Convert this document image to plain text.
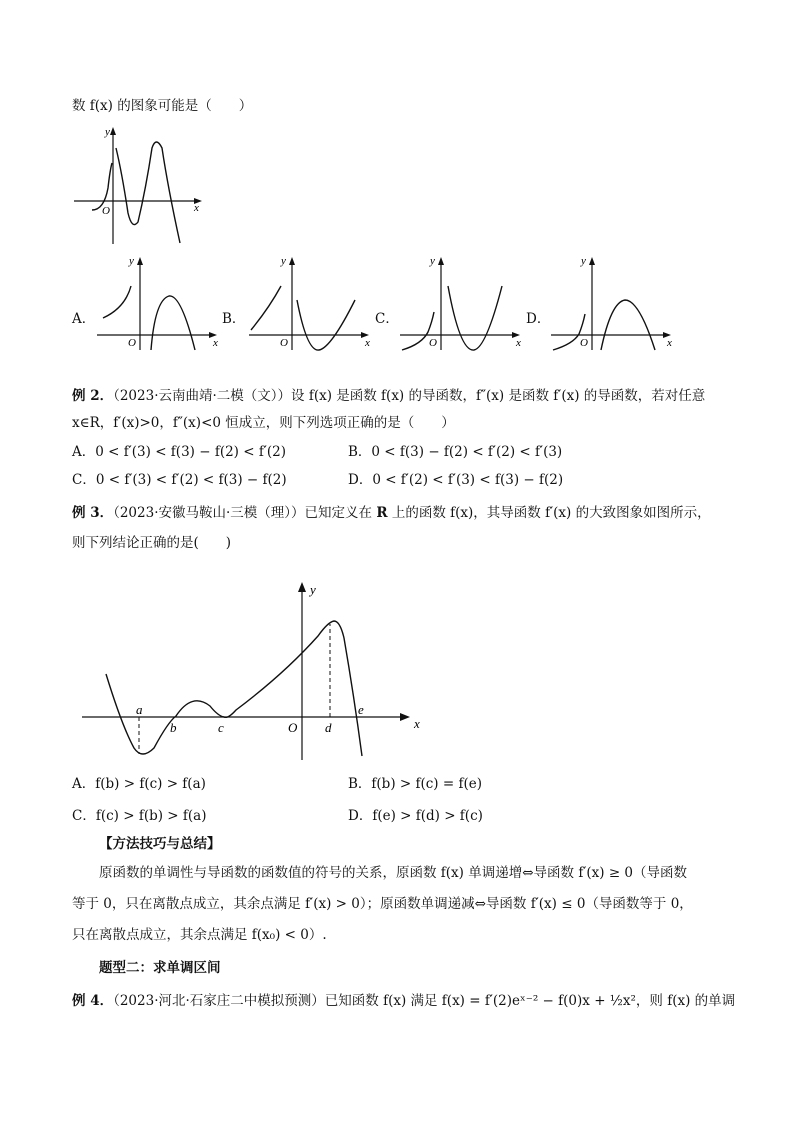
数 f(x) 的图象可能是（　　）
y
x
O
A．
y
x
O
B．
y
x
O
C．
y
x
O
D．
y
x
O
例 2．（2023·云南曲靖·二模（文））设 f(x) 是函数 f(x) 的导函数，f″(x) 是函数 f′(x) 的导函数，若对任意
x∈R，f′(x)>0，f″(x)<0 恒成立，则下列选项正确的是（　　）
A．0 < f′(3) < f(3) − f(2) < f′(2)	B．0 < f(3) − f(2) < f′(2) < f′(3)
C．0 < f′(3) < f′(2) < f(3) − f(2)	D．0 < f′(2) < f′(3) < f(3) − f(2)
例 3．（2023·安徽马鞍山·三模（理））已知定义在 R 上的函数 f(x)，其导函数 f′(x) 的大致图象如图所示，
则下列结论正确的是(　　)
y
x
O
a
b	c	d
e
A．f(b) > f(c) > f(a)	B．f(b) > f(c) = f(e)
C．f(c) > f(b) > f(a)	D．f(e) > f(d) > f(c)
【方法技巧与总结】
原函数的单调性与导函数的函数值的符号的关系，原函数 f(x) 单调递增⇔导函数 f′(x) ≥ 0（导函数
等于 0，只在离散点成立，其余点满足 f′(x) > 0）；原函数单调递减⇔导函数 f′(x) ≤ 0（导函数等于 0，
只在离散点成立，其余点满足 f(x₀) < 0）.
题型二：求单调区间
例 4．（2023·河北·石家庄二中模拟预测）已知函数 f(x) 满足 f(x) = f′(2)eˣ⁻² − f(0)x + ½x²，则 f(x) 的单调
